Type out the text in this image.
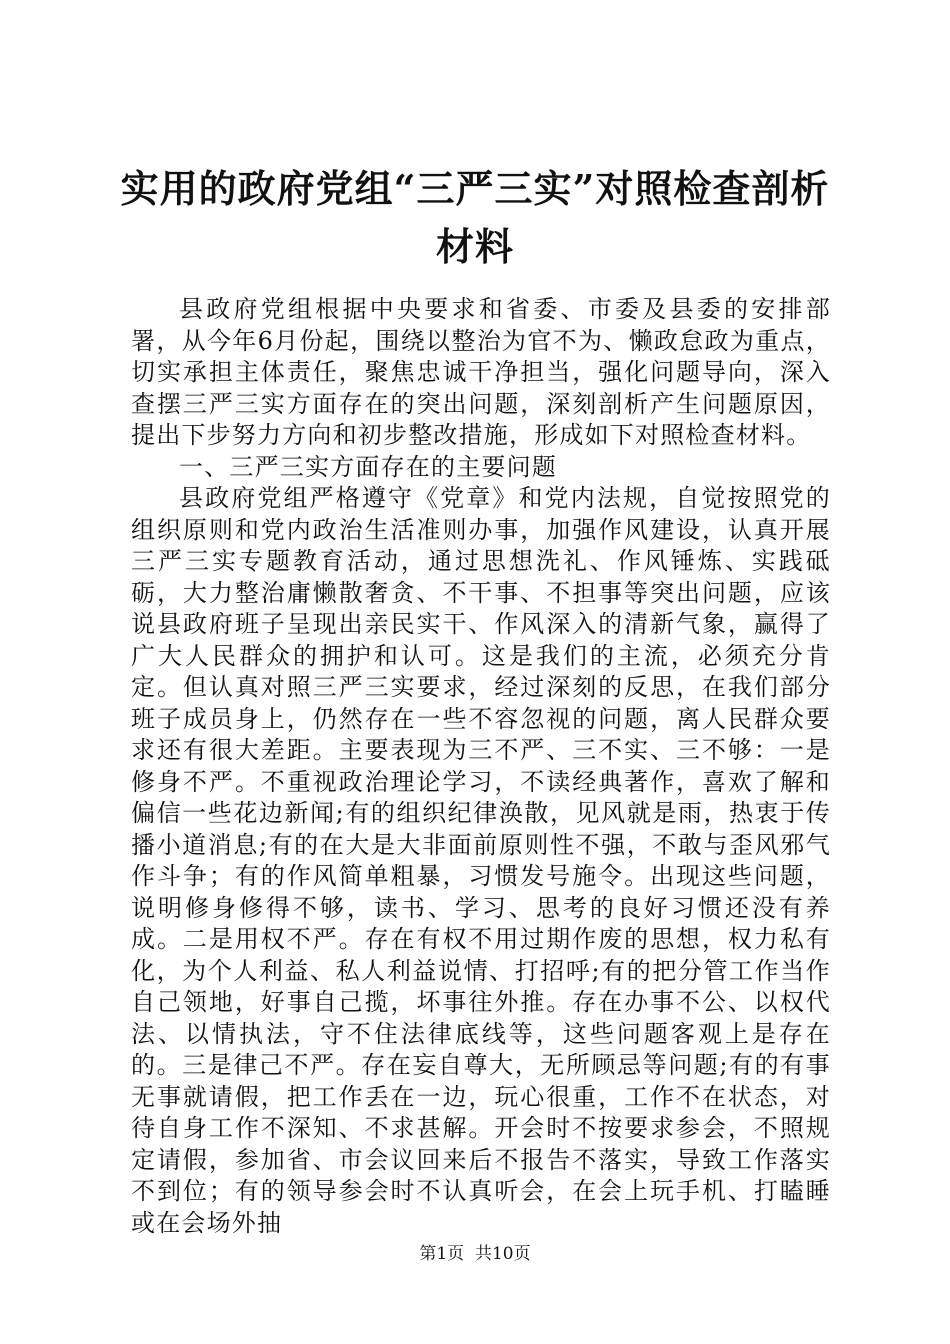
实用的政府党组“三严三实”对照检查剖析材料

县政府党组根据中央要求和省委、市委及县委的安排部署，从今年6月份起，围绕以整治为官不为、懒政怠政为重点，切实承担主体责任，聚焦忠诚干净担当，强化问题导向，深入查摆三严三实方面存在的突出问题，深刻剖析产生问题原因，提出下步努力方向和初步整改措施，形成如下对照检查材料。

一、三严三实方面存在的主要问题

县政府党组严格遵守《党章》和党内法规，自觉按照党的组织原则和党内政治生活准则办事，加强作风建设，认真开展三严三实专题教育活动，通过思想洗礼、作风锤炼、实践砥砺，大力整治庸懒散奢贪、不干事、不担事等突出问题，应该说县政府班子呈现出亲民实干、作风深入的清新气象，赢得了广大人民群众的拥护和认可。这是我们的主流，必须充分肯定。但认真对照三严三实要求，经过深刻的反思，在我们部分班子成员身上，仍然存在一些不容忽视的问题，离人民群众要求还有很大差距。主要表现为三不严、三不实、三不够：一是修身不严。不重视政治理论学习，不读经典著作，喜欢了解和偏信一些花边新闻;有的组织纪律涣散，见风就是雨，热衷于传播小道消息;有的在大是大非面前原则性不强，不敢与歪风邪气作斗争；有的作风简单粗暴，习惯发号施令。出现这些问题，说明修身修得不够，读书、学习、思考的良好习惯还没有养成。二是用权不严。存在有权不用过期作废的思想，权力私有化，为个人利益、私人利益说情、打招呼;有的把分管工作当作自己领地，好事自己揽，坏事往外推。存在办事不公、以权代法、以情执法，守不住法律底线等，这些问题客观上是存在的。三是律己不严。存在妄自尊大，无所顾忌等问题;有的有事无事就请假，把工作丢在一边，玩心很重，工作不在状态，对待自身工作不深知、不求甚解。开会时不按要求参会，不照规定请假，参加省、市会议回来后不报告不落实，导致工作落实不到位；有的领导参会时不认真听会，在会上玩手机、打瞌睡或在会场外抽

第1页  共10页
